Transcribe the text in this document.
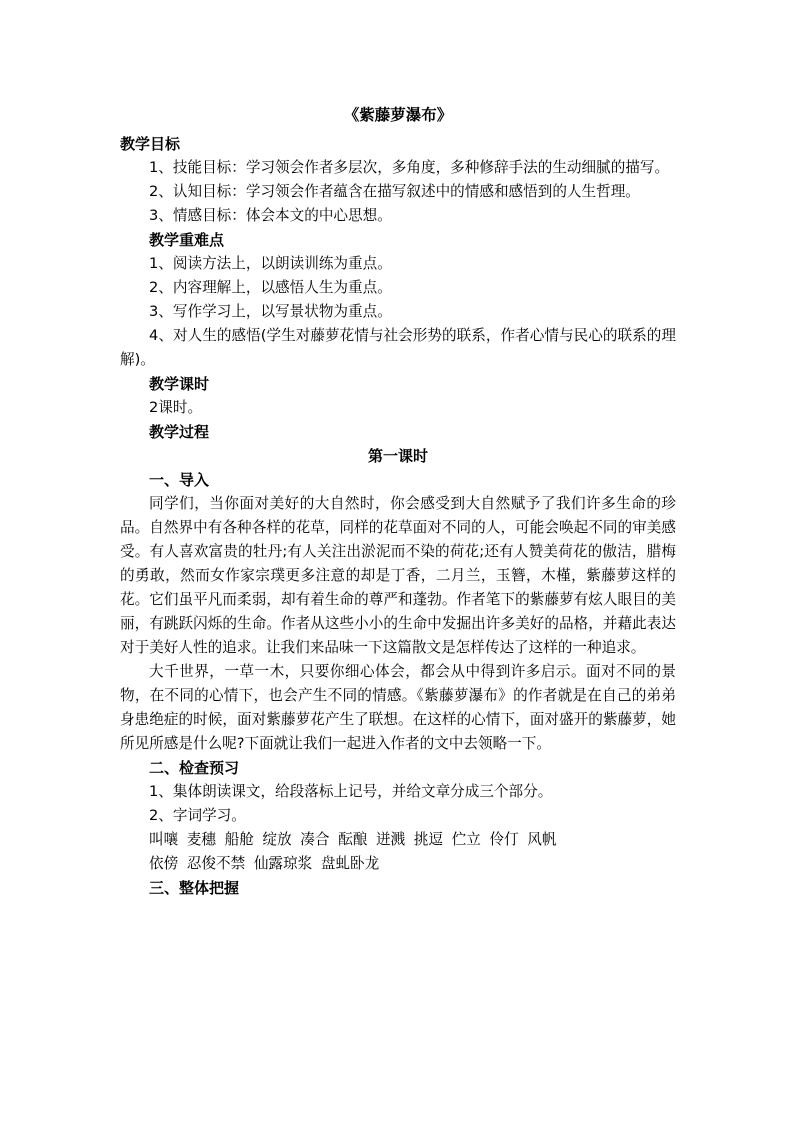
《紫藤萝瀑布》
教学目标

1、技能目标：学习领会作者多层次，多角度，多种修辞手法的生动细腻的描写。

2、认知目标：学习领会作者蕴含在描写叙述中的情感和感悟到的人生哲理。

3、情感目标：体会本文的中心思想。

教学重难点

1、阅读方法上，以朗读训练为重点。

2、内容理解上，以感悟人生为重点。

3、写作学习上，以写景状物为重点。

4、对人生的感悟(学生对藤萝花情与社会形势的联系，作者心情与民心的联系的理解)。

教学课时

2课时。

教学过程
第一课时
一、导入

同学们，当你面对美好的大自然时，你会感受到大自然赋予了我们许多生命的珍品。自然界中有各种各样的花草，同样的花草面对不同的人，可能会唤起不同的审美感受。有人喜欢富贵的牡丹;有人关注出淤泥而不染的荷花;还有人赞美荷花的傲洁，腊梅的勇敢，然而女作家宗璞更多注意的却是丁香，二月兰，玉簪，木槿，紫藤萝这样的花。它们虽平凡而柔弱，却有着生命的尊严和蓬勃。作者笔下的紫藤萝有炫人眼目的美丽，有跳跃闪烁的生命。作者从这些小小的生命中发掘出许多美好的品格，并藉此表达对于美好人性的追求。让我们来品味一下这篇散文是怎样传达了这样的一种追求。

大千世界，一草一木，只要你细心体会，都会从中得到许多启示。面对不同的景物，在不同的心情下，也会产生不同的情感。《紫藤萝瀑布》的作者就是在自己的弟弟身患绝症的时候，面对紫藤萝花产生了联想。在这样的心情下，面对盛开的紫藤萝，她所见所感是什么呢?下面就让我们一起进入作者的文中去领略一下。

二、检查预习

1、集体朗读课文，给段落标上记号，并给文章分成三个部分。

2、字词学习。

叫嚷 麦穗 船舱 绽放 凑合 酝酿 迸溅 挑逗 伫立 伶仃 风帆

依傍 忍俊不禁 仙露琼浆 盘虬卧龙

三、整体把握
